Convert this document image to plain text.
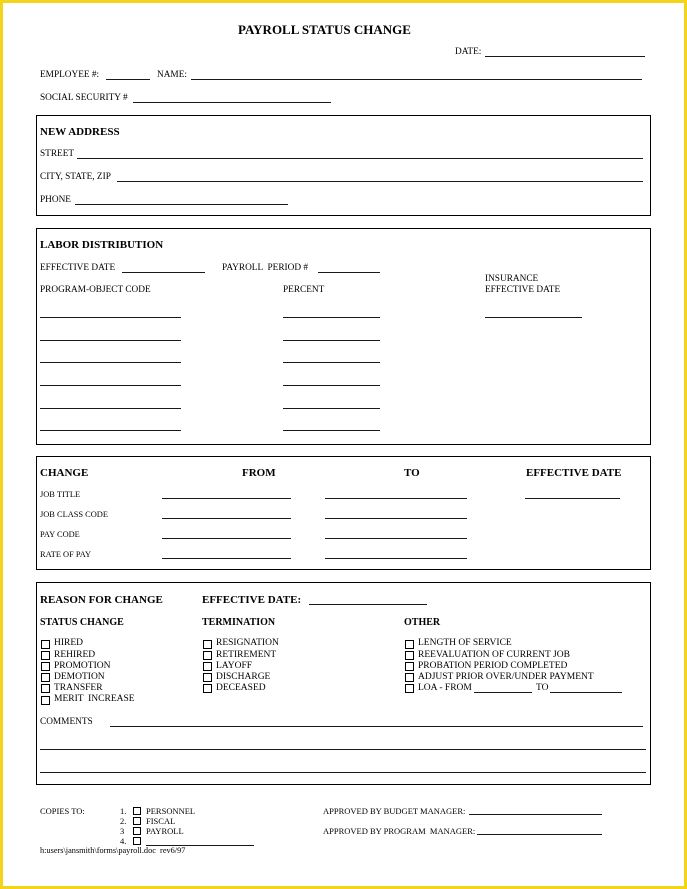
PAYROLL STATUS CHANGE
DATE:
EMPLOYEE #:	NAME:
SOCIAL SECURITY #
NEW ADDRESS
STREET
CITY, STATE, ZIP
PHONE
LABOR DISTRIBUTION
EFFECTIVE DATE	PAYROLL  PERIOD #
INSURANCE
EFFECTIVE DATE
PROGRAM-OBJECT CODE	PERCENT
CHANGE	FROM	TO	EFFECTIVE DATE
JOB TITLE
JOB CLASS CODE
PAY CODE
RATE OF PAY
REASON FOR CHANGE	EFFECTIVE DATE:
STATUS CHANGE	TERMINATION	OTHER
HIRED
REHIRED
PROMOTION
DEMOTION
TRANSFER
MERIT  INCREASE
RESIGNATION
RETIREMENT
LAYOFF
DISCHARGE
DECEASED
LENGTH OF SERVICE
REEVALUATION OF CURRENT JOB
PROBATION PERIOD COMPLETED
ADJUST PRIOR OVER/UNDER PAYMENT
LOA - FROM	TO
COMMENTS
COPIES TO:	1. PERSONNEL
2. FISCAL
3	PAYROLL
4.
APPROVED BY BUDGET MANAGER:
APPROVED BY PROGRAM  MANAGER:
h:users\jansmith\forms\payroll.doc  rev6/97
